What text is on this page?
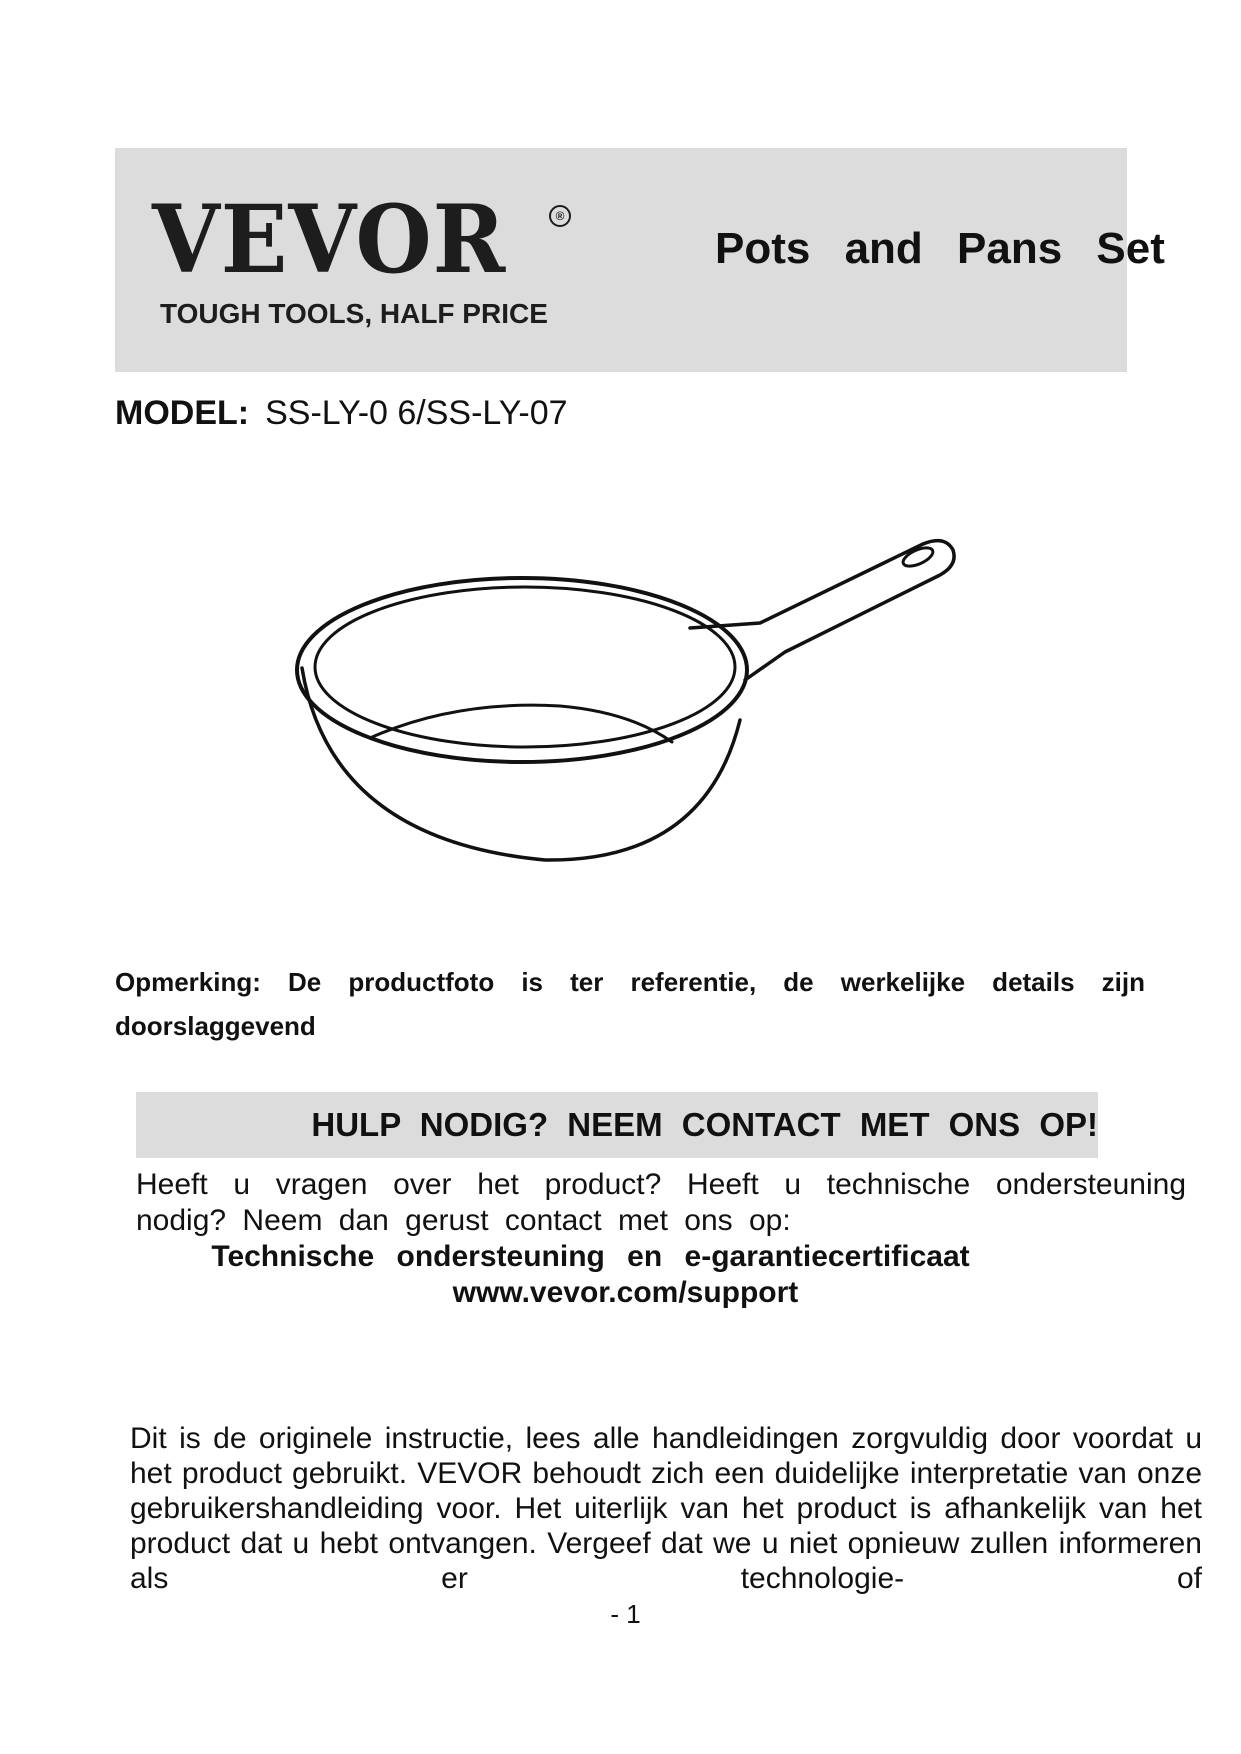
VEVOR	®
TOUGH TOOLS, HALF PRICE
Pots and Pans Set
MODEL: SS-LY-0 6/SS-LY-07
Opmerking: De productfoto is ter referentie, de werkelijke details zijn doorslaggevend
HULP NODIG? NEEM CONTACT MET ONS OP!
Heeft u vragen over het product? Heeft u technische ondersteuning nodig? Neem dan gerust contact met ons op:
Technische ondersteuning en e-garantiecertificaat
www.vevor.com/support
Dit is de originele instructie, lees alle handleidingen zorgvuldig door voordat u het product gebruikt. VEVOR behoudt zich een duidelijke interpretatie van onze gebruikershandleiding voor. Het uiterlijk van het product is afhankelijk van het product dat u hebt ontvangen. Vergeef dat we u niet opnieuw zullen informeren als er technologie- of
- 1
